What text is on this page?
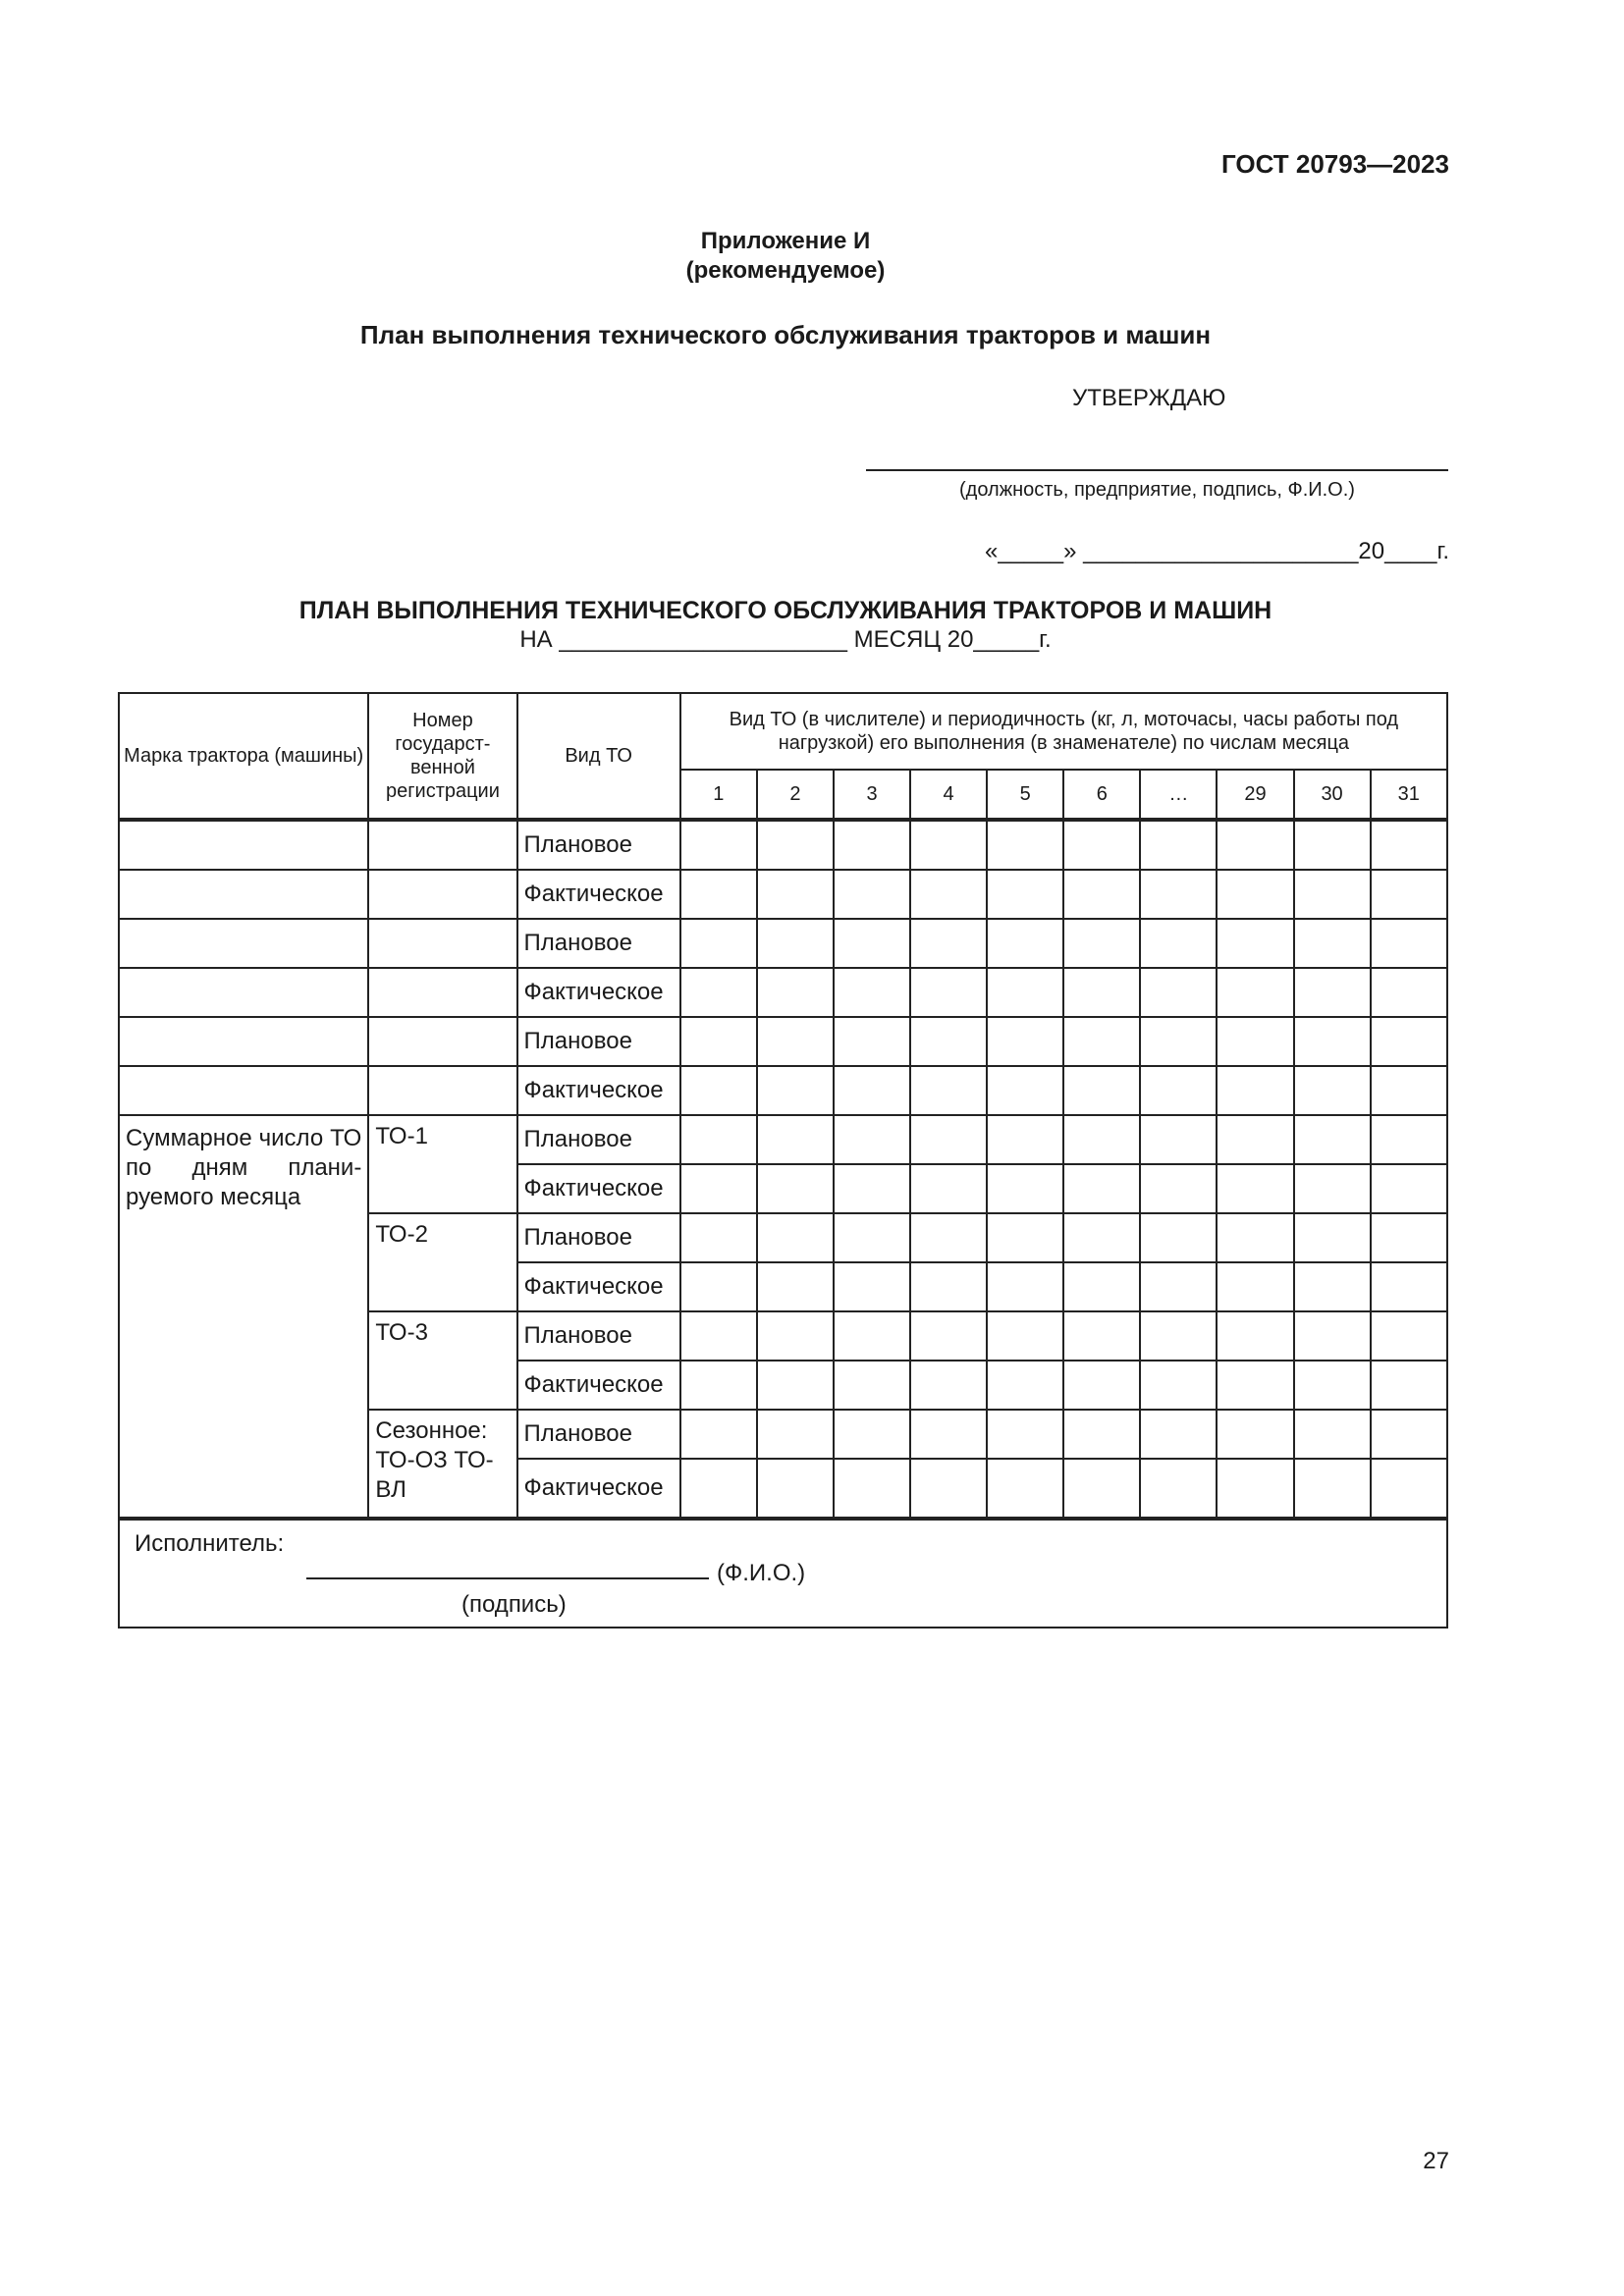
ГОСТ 20793—2023
Приложение И
(рекомендуемое)
План выполнения технического обслуживания тракторов и машин
УТВЕРЖДАЮ
(должность, предприятие, подпись, Ф.И.О.)
«_____» _____________________20____г.
ПЛАН ВЫПОЛНЕНИЯ ТЕХНИЧЕСКОГО ОБСЛУЖИВАНИЯ ТРАКТОРОВ И МАШИН
НА ______________________ МЕСЯЦ 20_____г.
Марка трактора (машины)	Номер государственной регистрации	Вид ТО	Вид ТО (в числителе) и периодичность (кг, л, моточасы, часы работы под нагрузкой) его выполнения (в знаменателе) по числам месяца									
			1	2	3	4	5	6	…	29	30	31
		Плановое										
		Фактическое										
		Плановое										
		Фактическое										
		Плановое										
		Фактическое										
Суммарное число ТО по дням планируемого месяца	ТО-1	Плановое										
		Фактическое										
	ТО-2	Плановое										
		Фактическое										
	ТО-3	Плановое										
		Фактическое										
	Сезонное: ТО-ОЗ ТО-ВЛ	Плановое										
		Фактическое										

Исполнитель:
(Ф.И.О.)
(подпись)												
27
